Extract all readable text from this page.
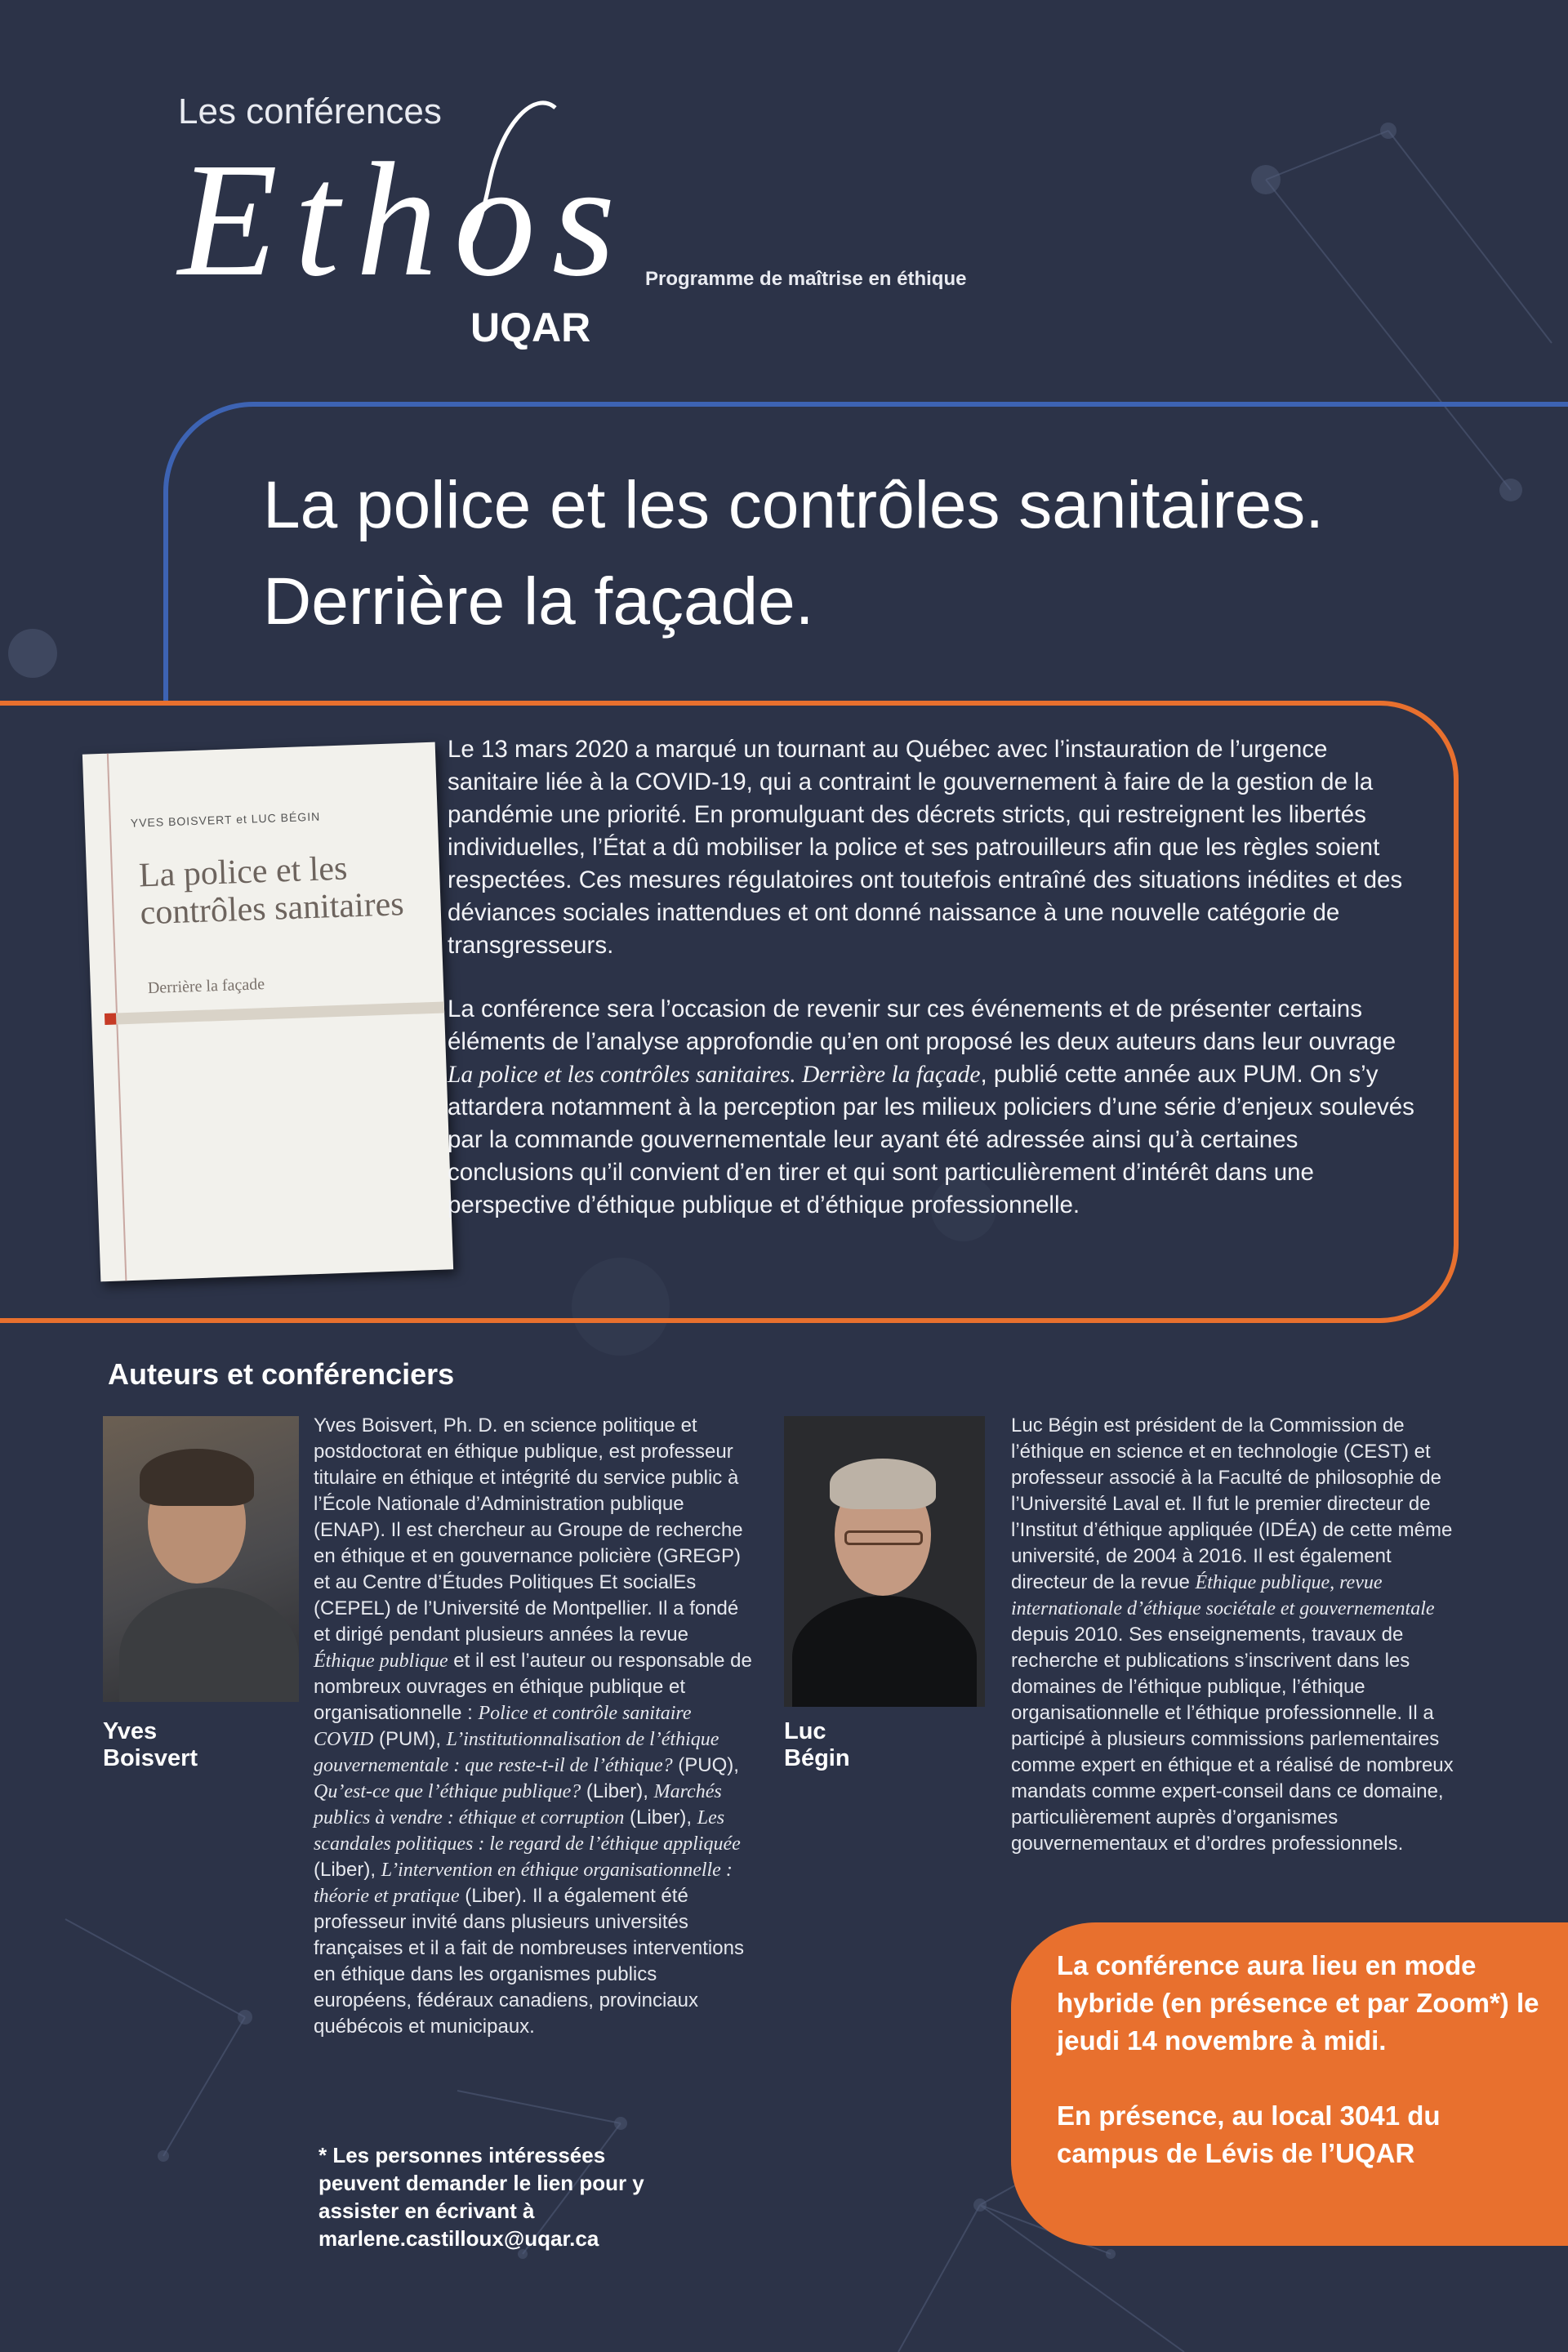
Les conférences
Ethos
UQAR
Programme de maîtrise en éthique
La police et les contrôles sanitaires.
Derrière la façade.
YVES BOISVERT et LUC BÉGIN
La police et les contrôles sanitaires
Derrière la façade

Le 13 mars 2020 a marqué un tournant au Québec avec l’instauration de l’urgence sanitaire liée à la COVID-19, qui a contraint le gouvernement à faire de la gestion de la pandémie une priorité. En promulguant des décrets stricts, qui restreignent les libertés individuelles, l’État a dû mobiliser la police et ses patrouilleurs afin que les règles soient respectées. Ces mesures régulatoires ont toutefois entraîné des situations inédites et des déviances sociales inattendues et ont donné naissance à une nouvelle catégorie de transgresseurs.

La conférence sera l’occasion de revenir sur ces événements et de présenter certains éléments de l’analyse approfondie qu’en ont proposé les deux auteurs dans leur ouvrage La police et les contrôles sanitaires. Derrière la façade, publié cette année aux PUM. On s’y attardera notamment à la perception par les milieux policiers d’une série d’enjeux soulevés par la commande gouvernementale leur ayant été adressée ainsi qu’à certaines conclusions qu’il convient d’en tirer et qui sont particulièrement d’intérêt dans une perspective d’éthique publique et d’éthique professionnelle.

Auteurs et conférenciers
Yves
Boisvert

Yves Boisvert, Ph. D. en science politique et postdoctorat en éthique publique, est professeur titulaire en éthique et intégrité du service public à l’École Nationale d’Administration publique (ENAP). Il est chercheur au Groupe de recherche en éthique et en gouvernance policière (GREGP) et au Centre d’Études Politiques Et socialEs (CEPEL) de l’Université de Montpellier. Il a fondé et dirigé pendant plusieurs années la revue Éthique publique et il est l’auteur ou responsable de nombreux ouvrages en éthique publique et organisationnelle : Police et contrôle sanitaire COVID (PUM), L’institutionnalisation de l’éthique gouvernementale : que reste-t-il de l’éthique? (PUQ), Qu’est-ce que l’éthique publique? (Liber), Marchés publics à vendre : éthique et corruption (Liber), Les scandales politiques : le regard de l’éthique appliquée (Liber), L’intervention en éthique organisationnelle : théorie et pratique (Liber). Il a également été professeur invité dans plusieurs universités françaises et il a fait de nombreuses interventions en éthique dans les organismes publics européens, fédéraux canadiens, provinciaux québécois et municipaux.

Luc
Bégin

Luc Bégin est président de la Commission de l’éthique en science et en technologie (CEST) et professeur associé à la Faculté de philosophie de l’Université Laval et. Il fut le premier directeur de l’Institut d’éthique appliquée (IDÉA) de cette même université, de 2004 à 2016. Il est également directeur de la revue Éthique publique, revue internationale d’éthique sociétale et gouvernementale depuis 2010. Ses enseignements, travaux de recherche et publications s’inscrivent dans les domaines de l’éthique publique, l’éthique organisationnelle et l’éthique professionnelle. Il a participé à plusieurs commissions parlementaires comme expert en éthique et a réalisé de nombreux mandats comme expert-conseil dans ce domaine, particulièrement auprès d’organismes gouvernementaux et d’ordres professionnels.

* Les personnes intéressées peuvent demander le lien pour y assister en écrivant à marlene.castilloux@uqar.ca

La conférence aura lieu en mode hybride (en présence et par Zoom*) le jeudi 14 novembre à midi.

En présence, au local 3041 du campus de Lévis de l’UQAR
